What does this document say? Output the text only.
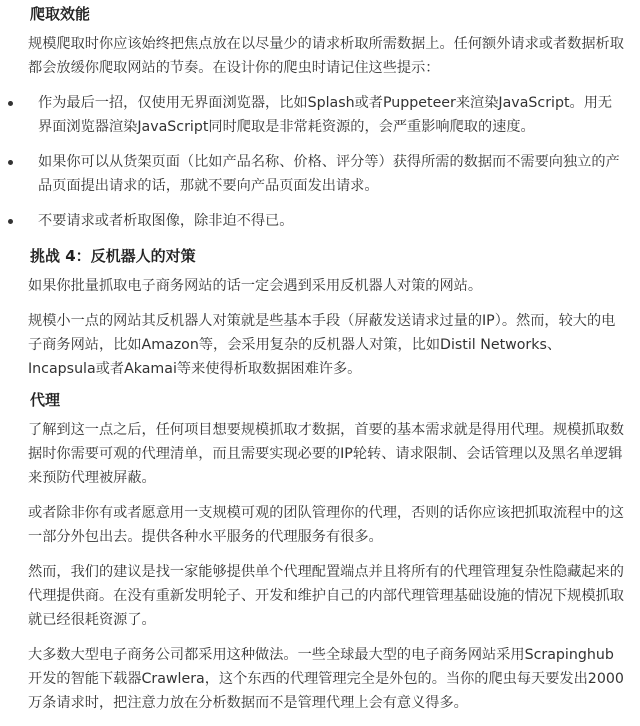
爬取效能

规模爬取时你应该始终把焦点放在以尽量少的请求析取所需数据上。任何额外请求或者数据析取都会放缓你爬取网站的节奏。在设计你的爬虫时请记住这些提示：

作为最后一招，仅使用无界面浏览器，比如Splash或者Puppeteer来渲染JavaScript。用无界面浏览器渲染JavaScript同时爬取是非常耗资源的，会严重影响爬取的速度。
如果你可以从货架页面（比如产品名称、价格、评分等）获得所需的数据而不需要向独立的产品页面提出请求的话，那就不要向产品页面发出请求。
不要请求或者析取图像，除非迫不得已。
挑战 4：反机器人的对策

如果你批量抓取电子商务网站的话一定会遇到采用反机器人对策的网站。

规模小一点的网站其反机器人对策就是些基本手段（屏蔽发送请求过量的IP）。然而，较大的电子商务网站，比如Amazon等，会采用复杂的反机器人对策，比如Distil Networks、Incapsula或者Akamai等来使得析取数据困难许多。

代理

了解到这一点之后，任何项目想要规模抓取才数据，首要的基本需求就是得用代理。规模抓取数据时你需要可观的代理清单，而且需要实现必要的IP轮转、请求限制、会话管理以及黑名单逻辑来预防代理被屏蔽。

或者除非你有或者愿意用一支规模可观的团队管理你的代理，否则的话你应该把抓取流程中的这一部分外包出去。提供各种水平服务的代理服务有很多。

然而，我们的建议是找一家能够提供单个代理配置端点并且将所有的代理管理复杂性隐藏起来的代理提供商。在没有重新发明轮子、开发和维护自己的内部代理管理基础设施的情况下规模抓取就已经很耗资源了。

大多数大型电子商务公司都采用这种做法。一些全球最大型的电子商务网站采用Scrapinghub开发的智能下载器Crawlera，这个东西的代理管理完全是外包的。当你的爬虫每天要发出2000万条请求时，把注意力放在分析数据而不是管理代理上会有意义得多。
